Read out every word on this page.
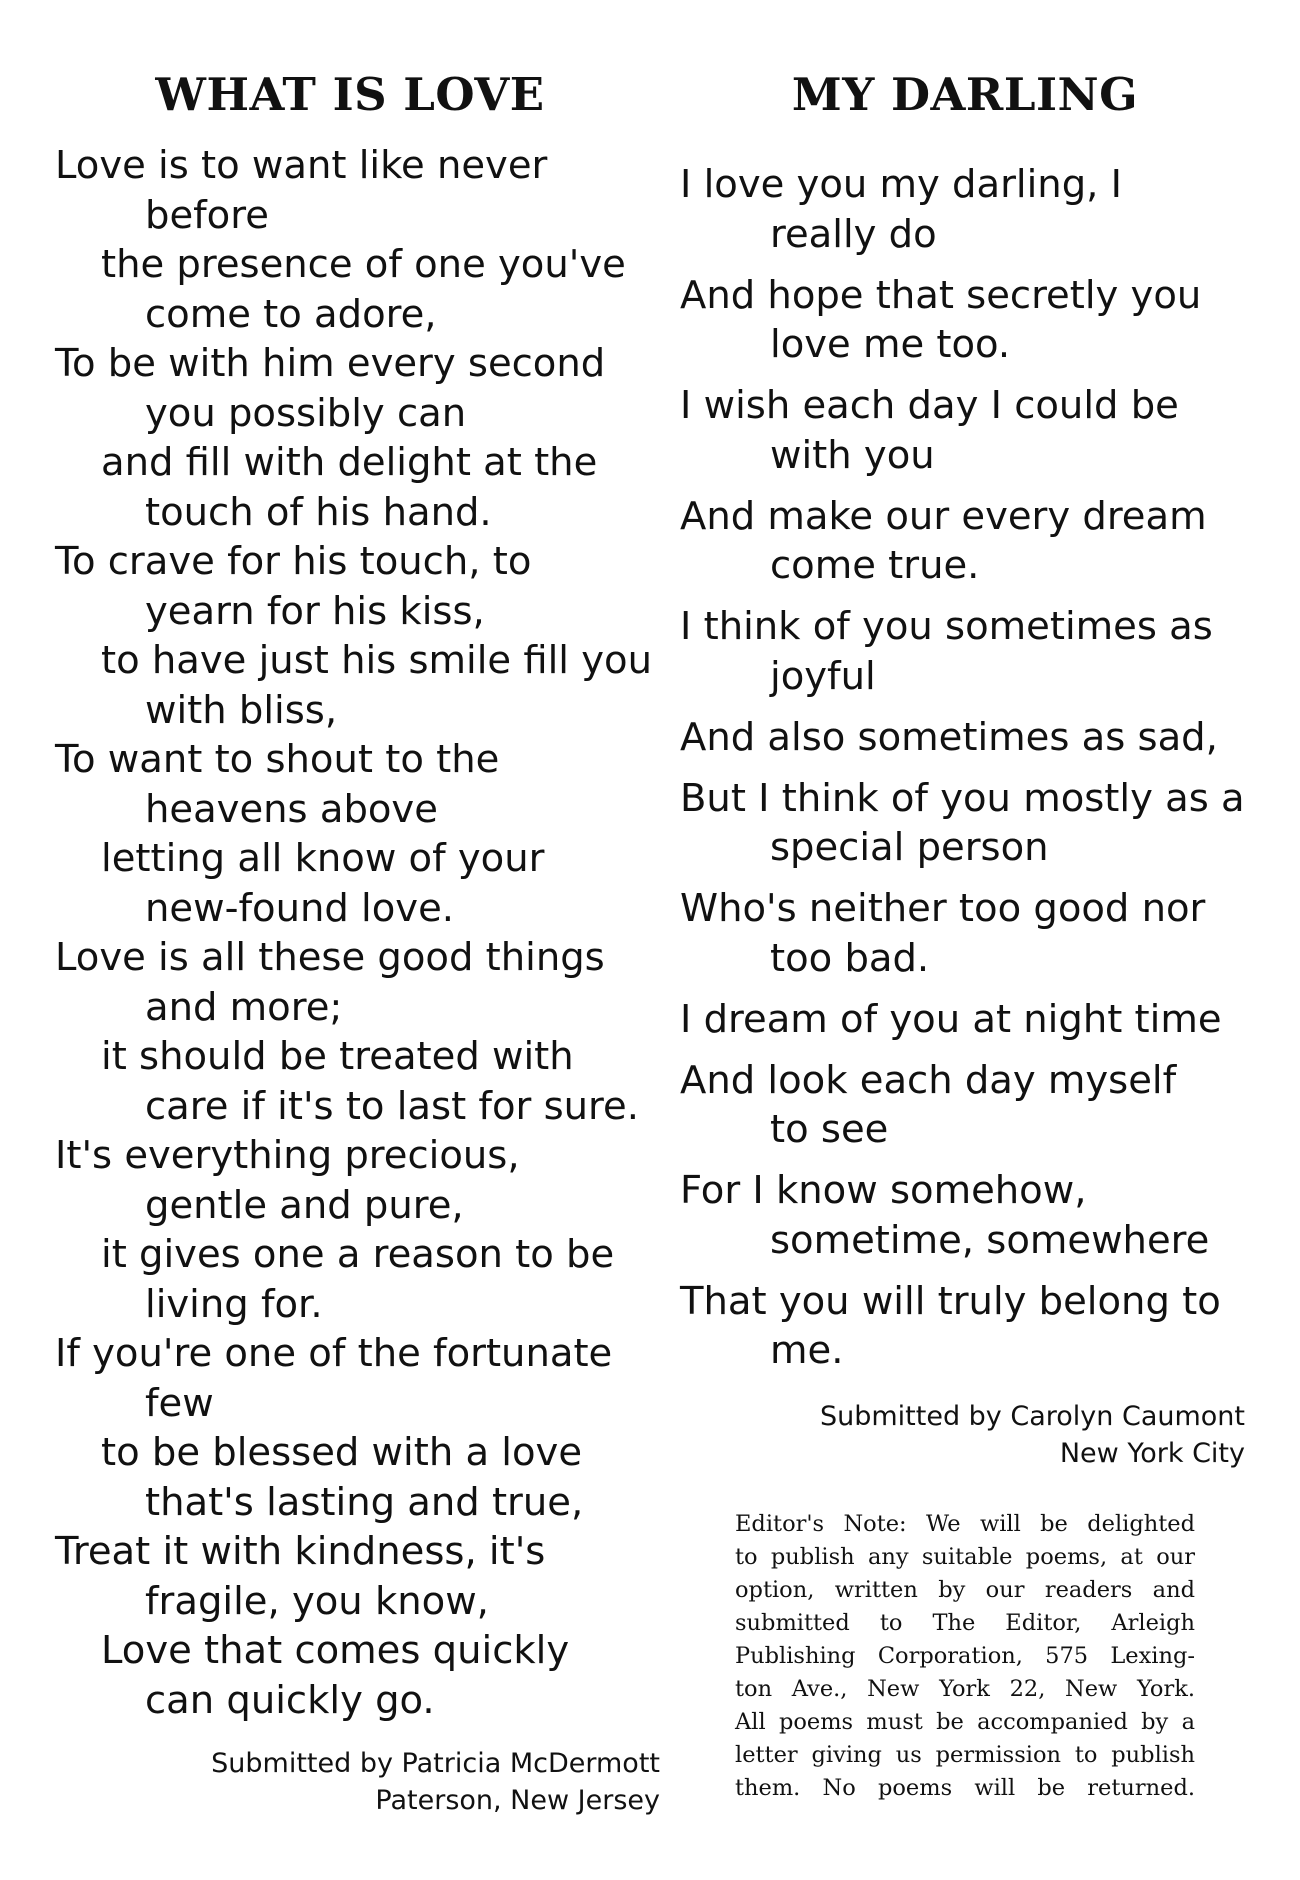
WHAT IS LOVE
Love is to want like never
before
the presence of one you've
come to adore,
To be with him every second
you possibly can
and fill with delight at the
touch of his hand.
To crave for his touch, to
yearn for his kiss,
to have just his smile fill you
with bliss,
To want to shout to the
heavens above
letting all know of your
new-found love.
Love is all these good things
and more;
it should be treated with
care if it's to last for sure.
It's everything precious,
gentle and pure,
it gives one a reason to be
living for.
If you're one of the fortunate
few
to be blessed with a love
that's lasting and true,
Treat it with kindness, it's
fragile, you know,
Love that comes quickly
can quickly go.
Submitted by Patricia McDermott
Paterson, New Jersey
MY DARLING
I love you my darling, I
really do
And hope that secretly you
love me too.
I wish each day I could be
with you
And make our every dream
come true.
I think of you sometimes as
joyful
And also sometimes as sad,
But I think of you mostly as a
special person
Who's neither too good nor
too bad.
I dream of you at night time
And look each day myself
to see
For I know somehow,
sometime, somewhere
That you will truly belong to
me.
Submitted by Carolyn Caumont
New York City
Editor's Note: We will be delighted
to publish any suitable poems, at our
option, written by our readers and
submitted to The Editor, Arleigh
Publishing Corporation, 575 Lexing-
ton Ave., New York 22, New York.
All poems must be accompanied by a
letter giving us permission to publish
them. No poems will be returned.
